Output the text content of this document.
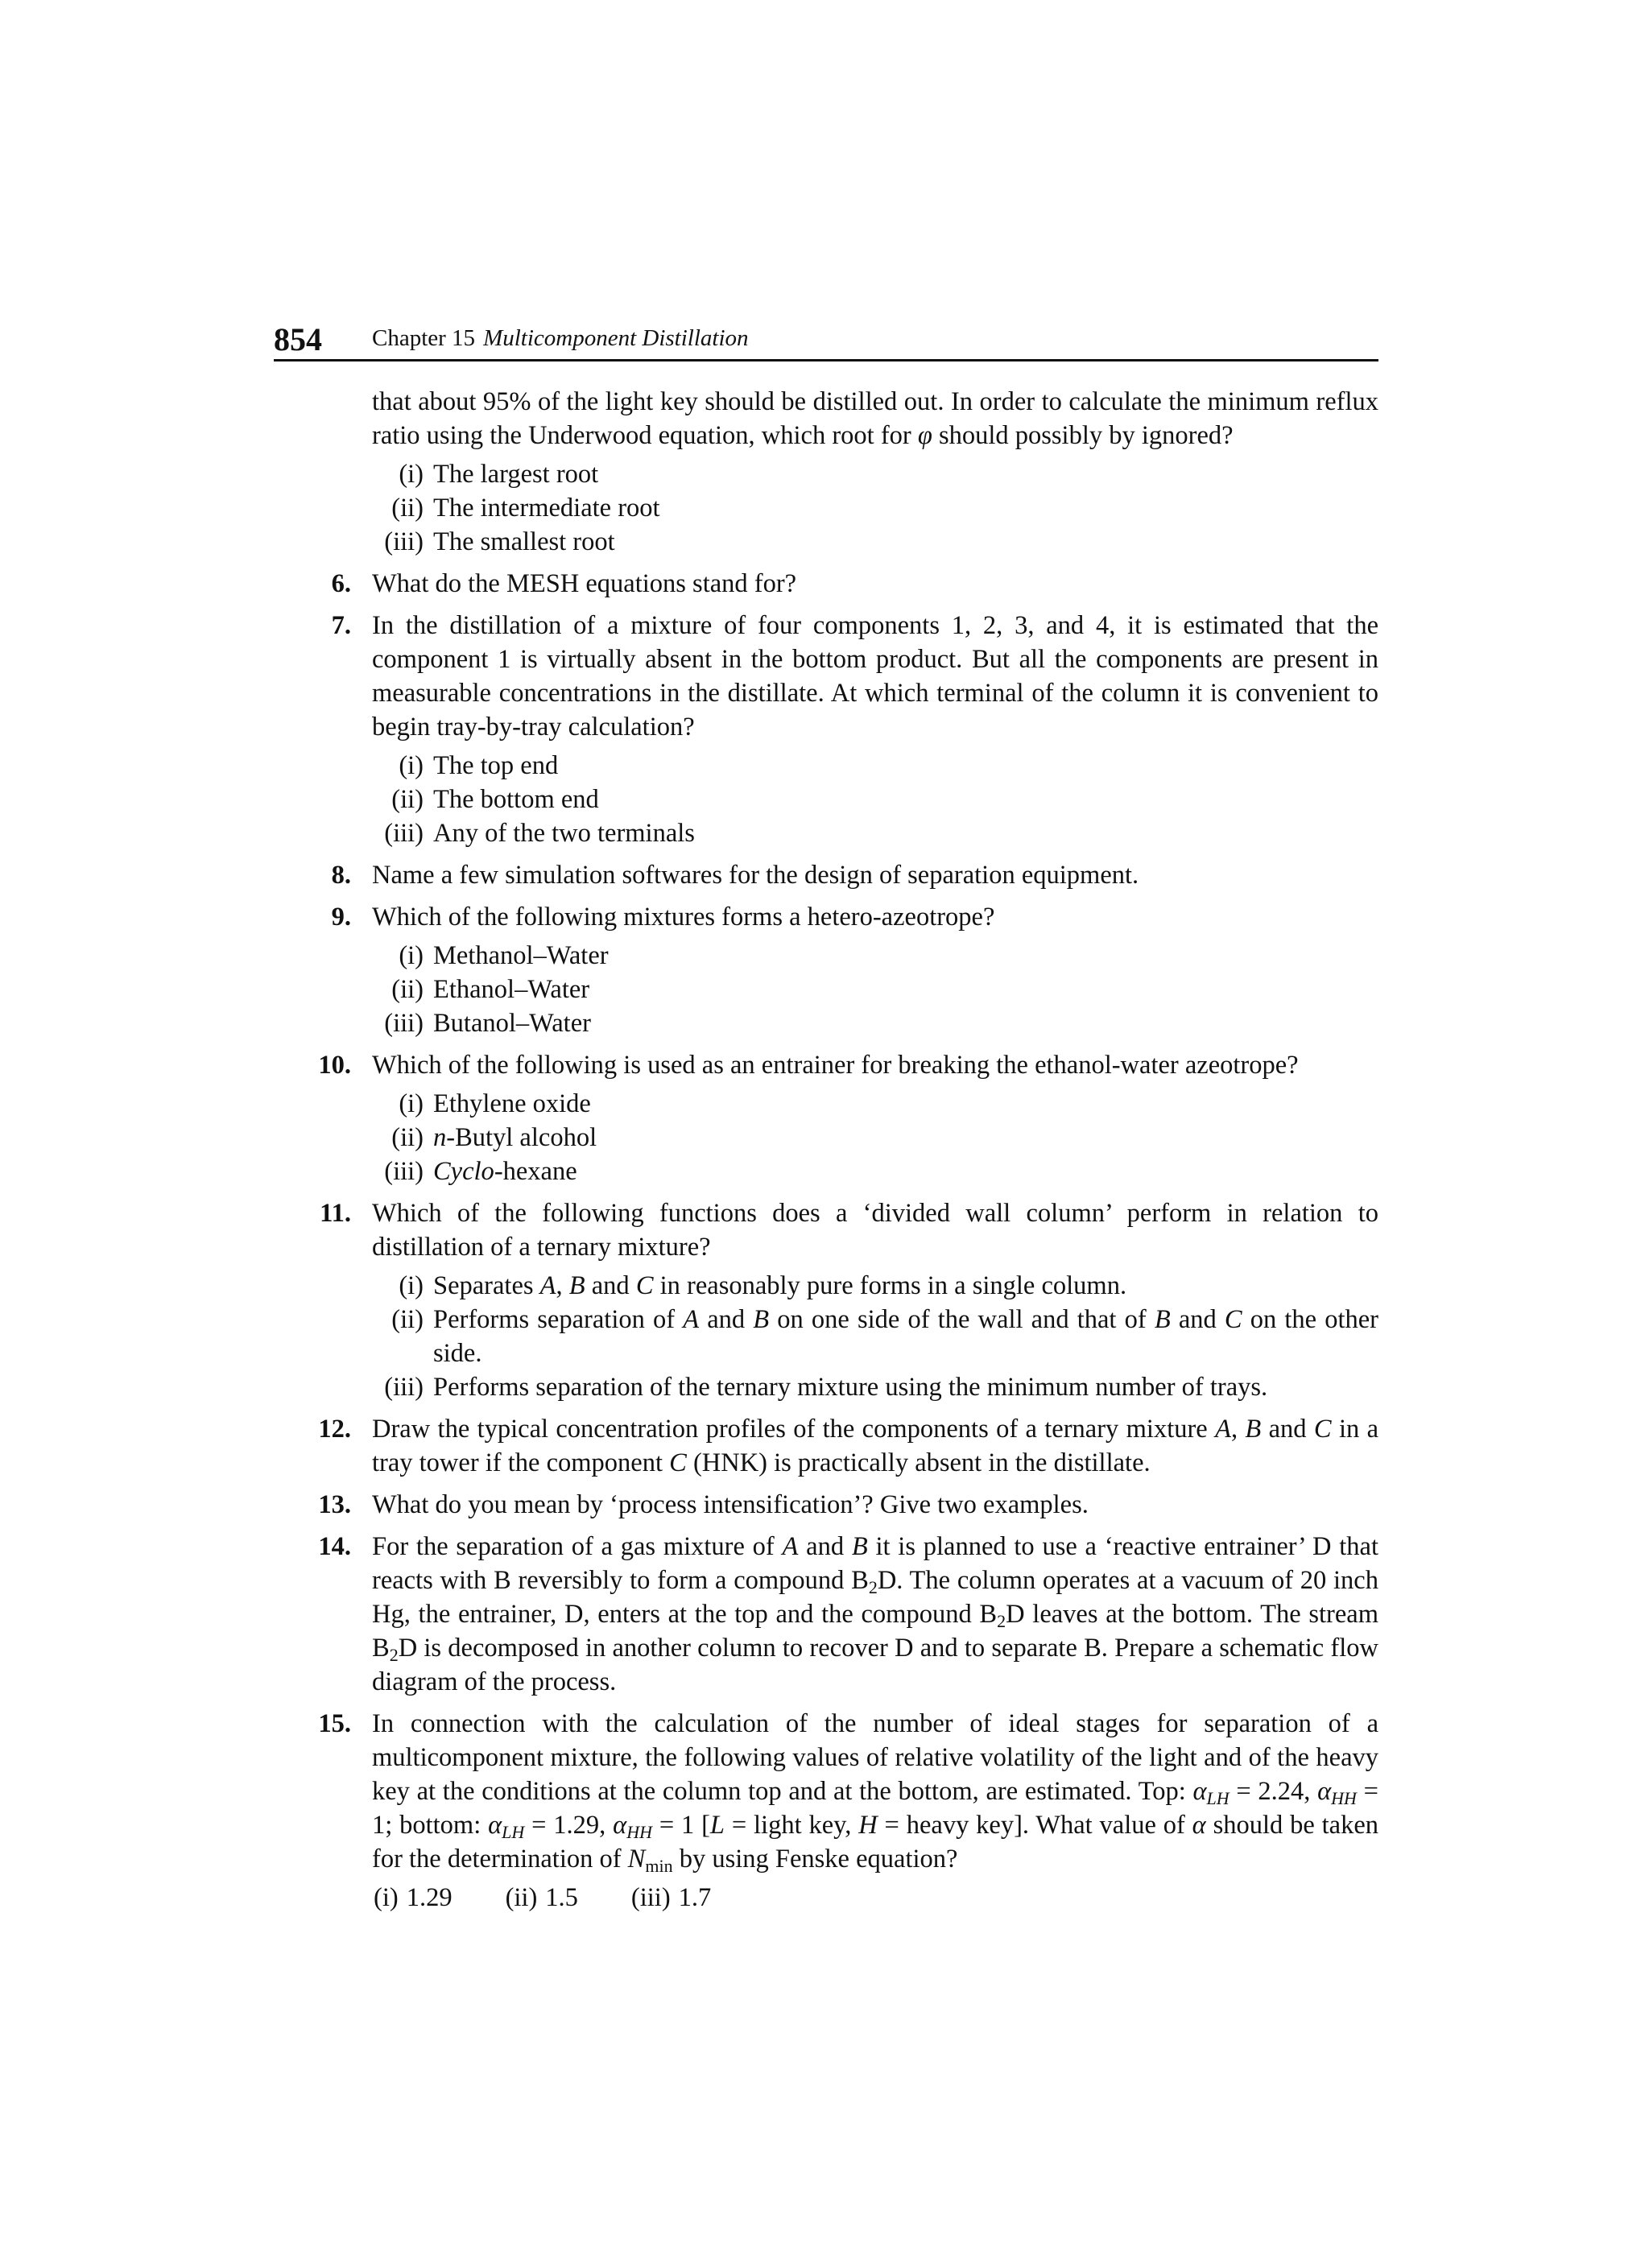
854 Chapter 15 Multicomponent Distillation
that about 95% of the light key should be distilled out. In order to calculate the minimum reflux ratio using the Underwood equation, which root for φ should possibly by ignored?
(i) The largest root
(ii) The intermediate root
(iii) The smallest root
6. What do the MESH equations stand for?
7. In the distillation of a mixture of four components 1, 2, 3, and 4, it is estimated that the component 1 is virtually absent in the bottom product. But all the components are present in measurable concentrations in the distillate. At which terminal of the column it is convenient to begin tray-by-tray calculation?
(i) The top end
(ii) The bottom end
(iii) Any of the two terminals
8. Name a few simulation softwares for the design of separation equipment.
9. Which of the following mixtures forms a hetero-azeotrope?
(i) Methanol–Water
(ii) Ethanol–Water
(iii) Butanol–Water
10. Which of the following is used as an entrainer for breaking the ethanol-water azeotrope?
(i) Ethylene oxide
(ii) n-Butyl alcohol
(iii) Cyclo-hexane
11. Which of the following functions does a ‘divided wall column’ perform in relation to distillation of a ternary mixture?
(i) Separates A, B and C in reasonably pure forms in a single column.
(ii) Performs separation of A and B on one side of the wall and that of B and C on the other side.
(iii) Performs separation of the ternary mixture using the minimum number of trays.
12. Draw the typical concentration profiles of the components of a ternary mixture A, B and C in a tray tower if the component C (HNK) is practically absent in the distillate.
13. What do you mean by ‘process intensification’? Give two examples.
14. For the separation of a gas mixture of A and B it is planned to use a ‘reactive entrainer’ D that reacts with B reversibly to form a compound $B_2D$. The column operates at a vacuum of 20 inch Hg, the entrainer, D, enters at the top and the compound $B_2D$ leaves at the bottom. The stream $B_2D$ is decomposed in another column to recover D and to separate B. Prepare a schematic flow diagram of the process.
15. In connection with the calculation of the number of ideal stages for separation of a multicomponent mixture, the following values of relative volatility of the light and of the heavy key at the conditions at the column top and at the bottom, are estimated. Top: $\alpha_{LH} = 2.24$, $\alpha_{HH} = 1$; bottom: $\alpha_{LH} = 1.29$, $\alpha_{HH} = 1$ [L = light key, H = heavy key]. What value of α should be taken for the determination of $N_{min}$ by using Fenske equation?
(i) 1.29 (ii) 1.5 (iii) 1.7
